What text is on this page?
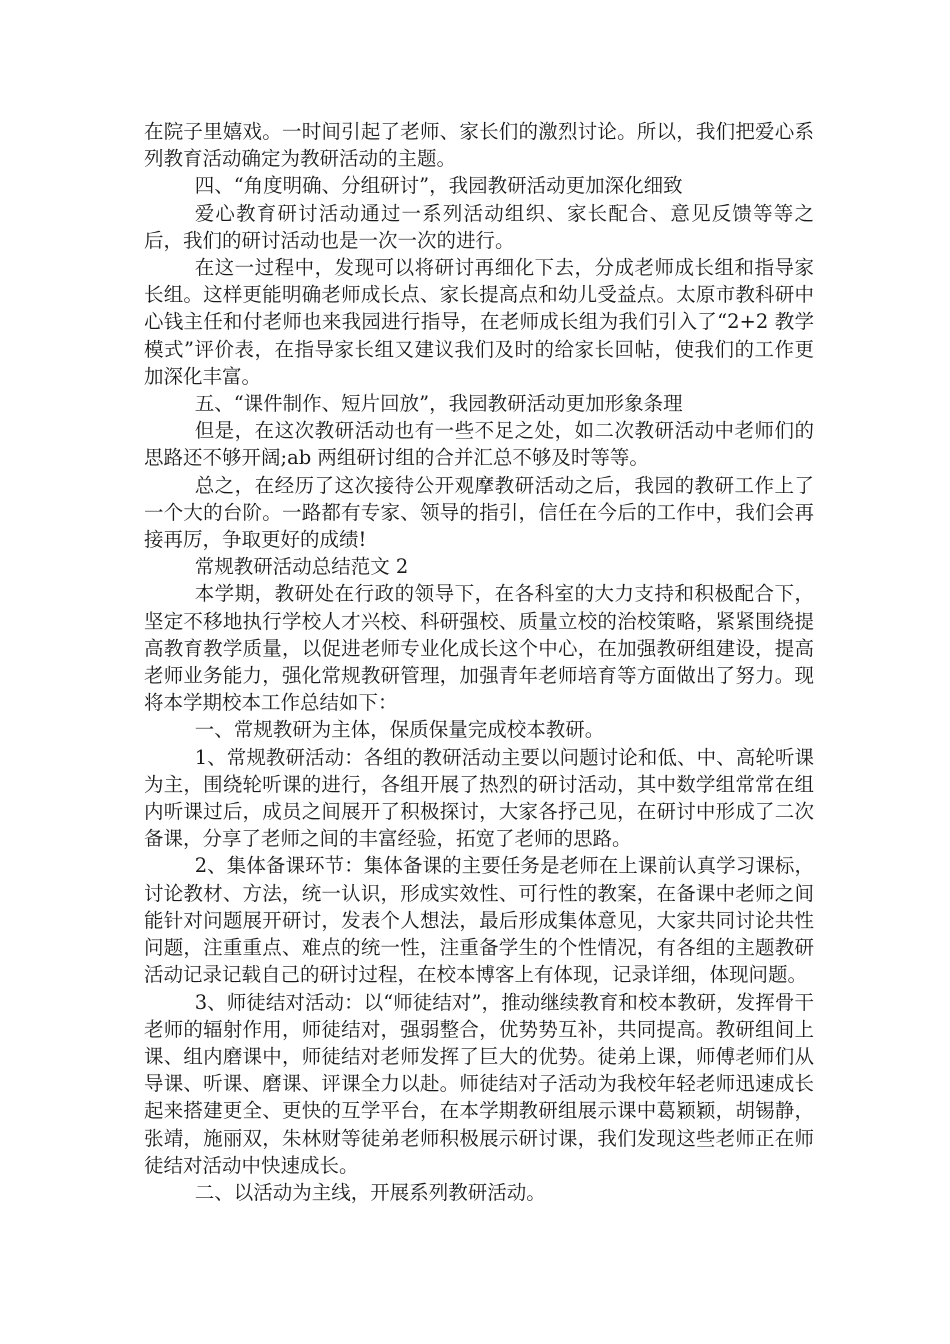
在院子里嬉戏。一时间引起了老师、家长们的激烈讨论。所以，我们把爱心系列教育活动确定为教研活动的主题。

四、“角度明确、分组研讨”，我园教研活动更加深化细致

爱心教育研讨活动通过一系列活动组织、家长配合、意见反馈等等之后，我们的研讨活动也是一次一次的进行。

在这一过程中，发现可以将研讨再细化下去，分成老师成长组和指导家长组。这样更能明确老师成长点、家长提高点和幼儿受益点。太原市教科研中心钱主任和付老师也来我园进行指导，在老师成长组为我们引入了“2+2 教学模式”评价表，在指导家长组又建议我们及时的给家长回帖，使我们的工作更加深化丰富。

五、“课件制作、短片回放”，我园教研活动更加形象条理

但是，在这次教研活动也有一些不足之处，如二次教研活动中老师们的思路还不够开阔;ab 两组研讨组的合并汇总不够及时等等。

总之，在经历了这次接待公开观摩教研活动之后，我园的教研工作上了一个大的台阶。一路都有专家、领导的指引，信任在今后的工作中，我们会再接再厉，争取更好的成绩!

常规教研活动总结范文 2

本学期，教研处在行政的领导下，在各科室的大力支持和积极配合下，坚定不移地执行学校人才兴校、科研强校、质量立校的治校策略，紧紧围绕提高教育教学质量，以促进老师专业化成长这个中心，在加强教研组建设，提高老师业务能力，强化常规教研管理，加强青年老师培育等方面做出了努力。现将本学期校本工作总结如下：

一、常规教研为主体，保质保量完成校本教研。

1、常规教研活动：各组的教研活动主要以问题讨论和低、中、高轮听课为主，围绕轮听课的进行，各组开展了热烈的研讨活动，其中数学组常常在组内听课过后，成员之间展开了积极探讨，大家各抒己见，在研讨中形成了二次备课，分享了老师之间的丰富经验，拓宽了老师的思路。

2、集体备课环节：集体备课的主要任务是老师在上课前认真学习课标，讨论教材、方法，统一认识，形成实效性、可行性的教案，在备课中老师之间能针对问题展开研讨，发表个人想法，最后形成集体意见，大家共同讨论共性问题，注重重点、难点的统一性，注重备学生的个性情况，有各组的主题教研活动记录记载自己的研讨过程，在校本博客上有体现，记录详细，体现问题。

3、师徒结对活动：以“师徒结对”，推动继续教育和校本教研，发挥骨干老师的辐射作用，师徒结对，强弱整合，优势势互补，共同提高。教研组间上课、组内磨课中，师徒结对老师发挥了巨大的优势。徒弟上课，师傅老师们从导课、听课、磨课、评课全力以赴。师徒结对子活动为我校年轻老师迅速成长起来搭建更全、更快的互学平台，在本学期教研组展示课中葛颖颖，胡锡静，张靖，施丽双，朱林财等徒弟老师积极展示研讨课，我们发现这些老师正在师徒结对活动中快速成长。

二、以活动为主线，开展系列教研活动。
